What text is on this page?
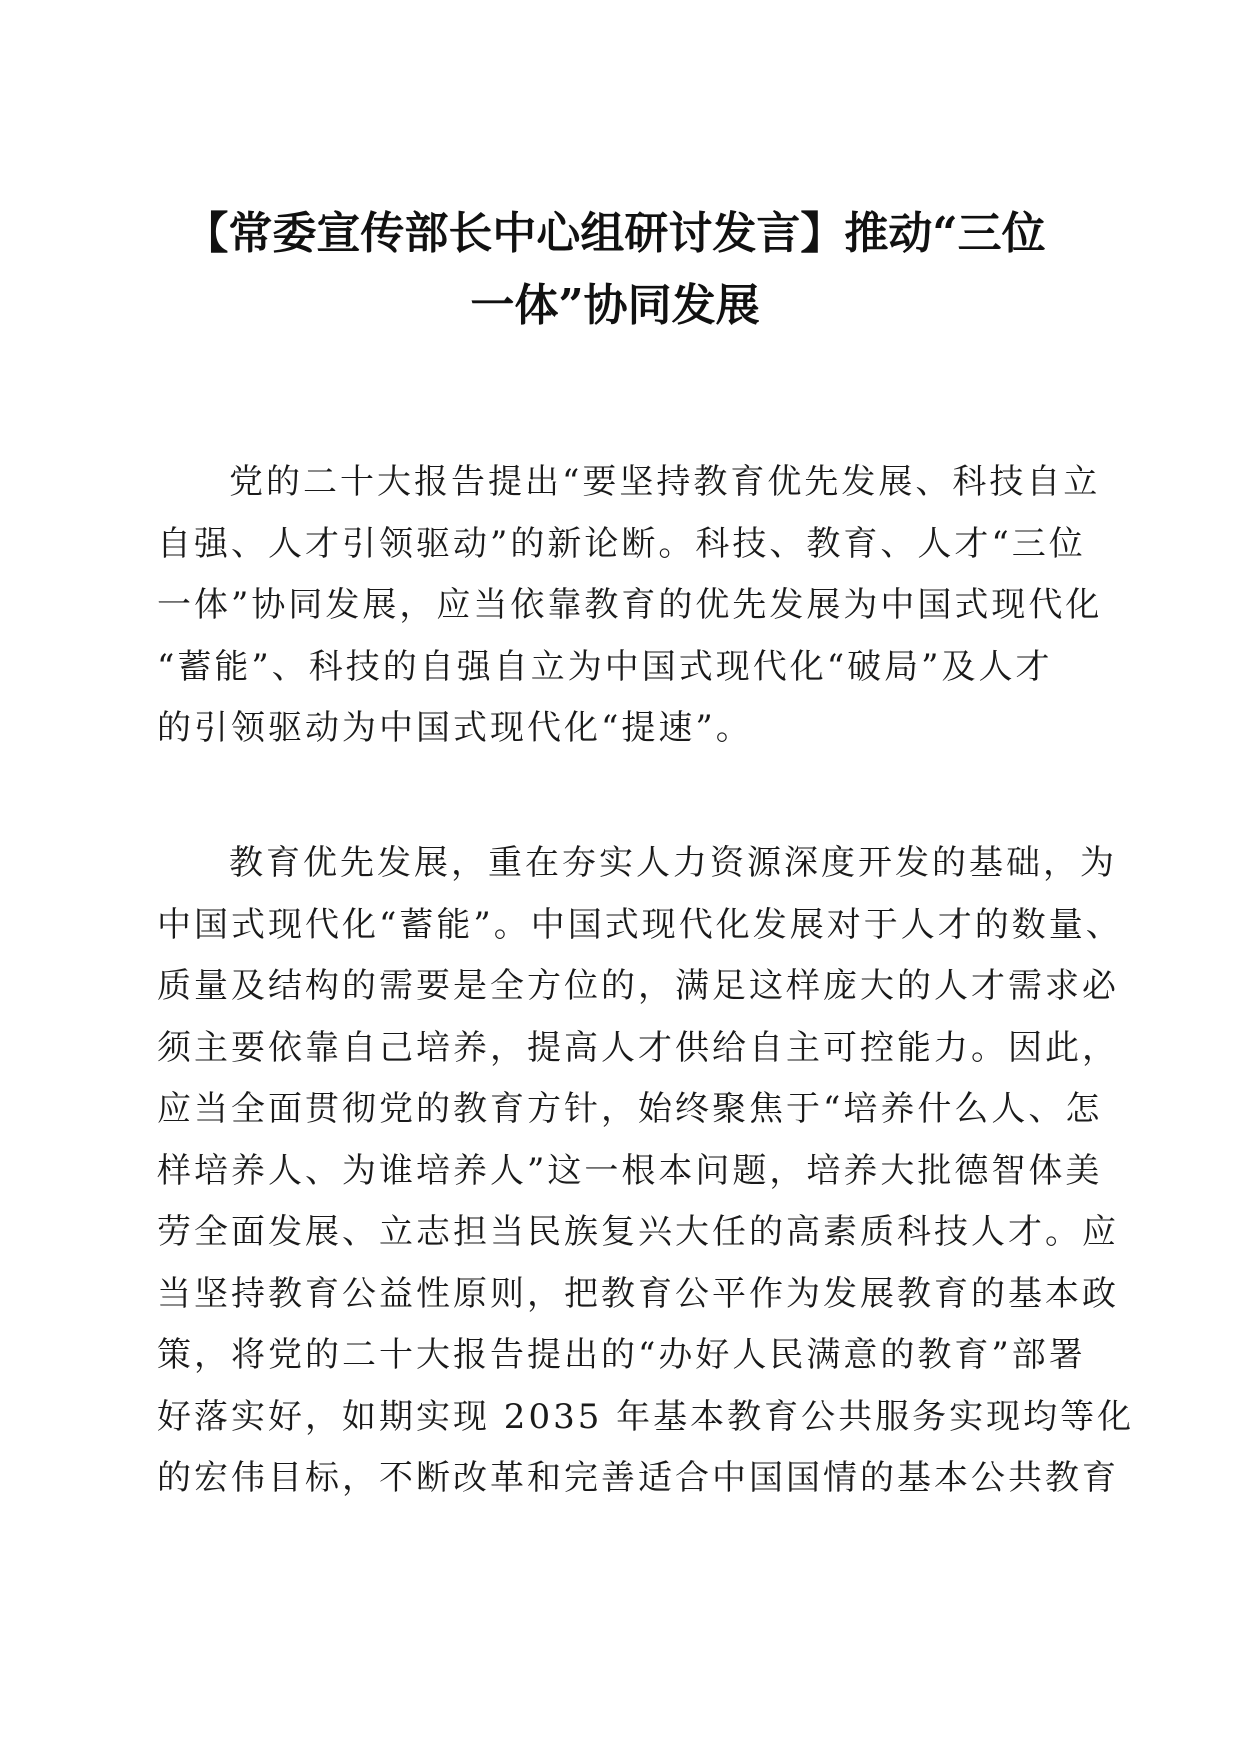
【常委宣传部长中心组研讨发言】推动“三位
一体”协同发展

党的二十大报告提出“要坚持教育优先发展、科技自立
自强、人才引领驱动”的新论断。科技、教育、人才“三位
一体”协同发展，应当依靠教育的优先发展为中国式现代化
“蓄能”、科技的自强自立为中国式现代化“破局”及人才
的引领驱动为中国式现代化“提速”。

教育优先发展，重在夯实人力资源深度开发的基础，为
中国式现代化“蓄能”。中国式现代化发展对于人才的数量、
质量及结构的需要是全方位的，满足这样庞大的人才需求必
须主要依靠自己培养，提高人才供给自主可控能力。因此，
应当全面贯彻党的教育方针，始终聚焦于“培养什么人、怎
样培养人、为谁培养人”这一根本问题，培养大批德智体美
劳全面发展、立志担当民族复兴大任的高素质科技人才。应
当坚持教育公益性原则，把教育公平作为发展教育的基本政
策，将党的二十大报告提出的“办好人民满意的教育”部署
好落实好，如期实现 2035 年基本教育公共服务实现均等化
的宏伟目标，不断改革和完善适合中国国情的基本公共教育
